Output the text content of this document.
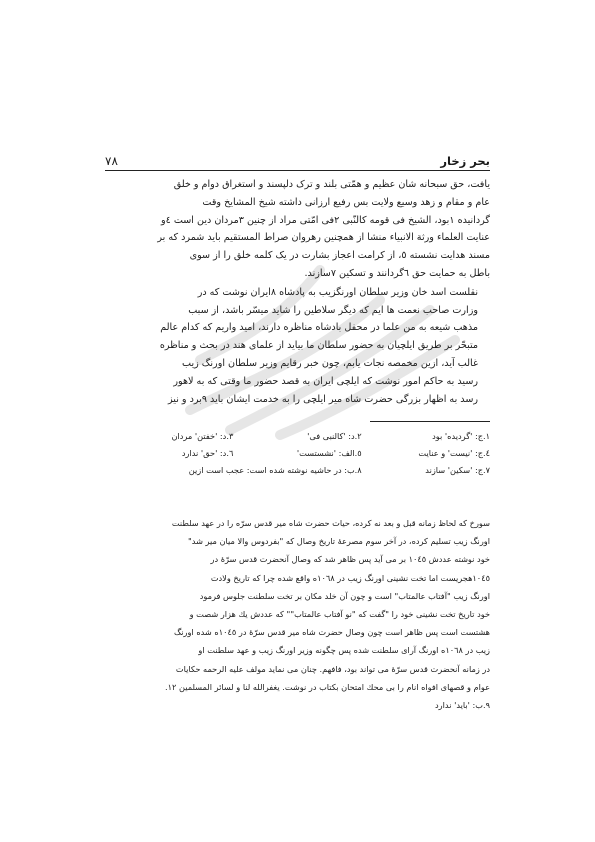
بحر زخار
٧٨

یافت، حق سبحانه شان عظیم و همّتی بلند و ترک دلپسند و استغراق دوام و خلق
عام و مقام و زهد وسیع ولایت بس رفیع ارزانی داشته شیخ المشایخ وقت
گردانیده ١بود، الشیخ فی قومه کالنّبی ٢فی امّتی مراد از چنین ٣مردان دین است ٤و
عنایت العلماء ورثة الانبیاء منشا از همچنین رهروان صراط المستقیم باید شمرد که بر
مسند هدایت نشسته ٥، از کرامت اعجاز بشارت در یک کلمه خلق را از سوی
باطل به حمایت حق ٦گردانند و تسکین ٧سازند.

نقلست اسد خان وزیر سلطان اورنگزیب به پادشاه ٨ایران نوشت که در
وزارت صاحب نعمت ها ایم که دیگر سلاطین را شاید میسّر باشد، از سبب
مذهب شیعه به من علما در محفل بادشاه مناظره دارند، امید واریم که کدام عالم
متبحّر بر طریق ایلچیان به حضور سلطان ما بیاید از علمای هند در بحث و مناظره
غالب آید، ازین مخمصه نجات یابم، چون خبر رقایم وزیر سلطان اورنگ زیب
رسید به حاکم امور نوشت که ایلچی ایران به قصد حضور ما وقتی که به لاهور
رسد به اظهار بزرگی حضرت شاه میر ایلچی را به خدمت ایشان باید ٩برد و نیز

١.ج: 'گردیده' بود
٢.د: 'کالنبی فی'
٣.د: 'خفتن' مردان
٤.ج: 'نیست' و عنایت
٥.الف: 'نشستست'
٦.د: 'حق' ندارد
٧.ج: 'سکین' سازند
٨.ب: در حاشیه نوشته شده است: عجب است ازین
سورخ که لحاظ زمانه قبل و بعد نه کرده، حیات حضرت شاه میر قدس سرّه را در عهد سلطنت
اورنگ زیب تسلیم کرده، در آخر سوم مصرعهٔ تاریخ وصال که "بفردوس والا میان میر شد"
خود نوشته عددش ١٠٤٥ بر می آید پس ظاهر شد که وصال آنحضرت قدس سرّهٔ در
١٠٤٥هجریست اما تخت نشینی اورنگ زیب در ١٠٦٨ه واقع شده چرا که تاریخ ولادت
اورنگ زیب "آفتاب عالمتاب" است و چون آن خلد مکان بر تخت سلطنت جلوس فرمود
خود تاریخ تخت نشینی خود را "گفت که "نو آفتاب عالمتاب"" که عددش یك هزار شصت و
هشتست است پس ظاهر است چون وصال حضرت شاه میر قدس سرّهٔ در ١٠٤٥ه شده اورنگ
زیب در ١٠٦٨ه اورنگ آرای سلطنت شده پس چگونه وزیر اورنگ زیب و عهد سلطنت او
در زمانه آنحضرت قدس سرّهٔ می تواند بود، فافهم. چنان می نماید مولف علیه الرحمه حکایات
عوام و قصهای افواه انام را بی محك امتحان بکتاب در نوشت. یغفرالله لنا و لسائر المسلمین ١٢.
٩.ب: 'باید' ندارد
